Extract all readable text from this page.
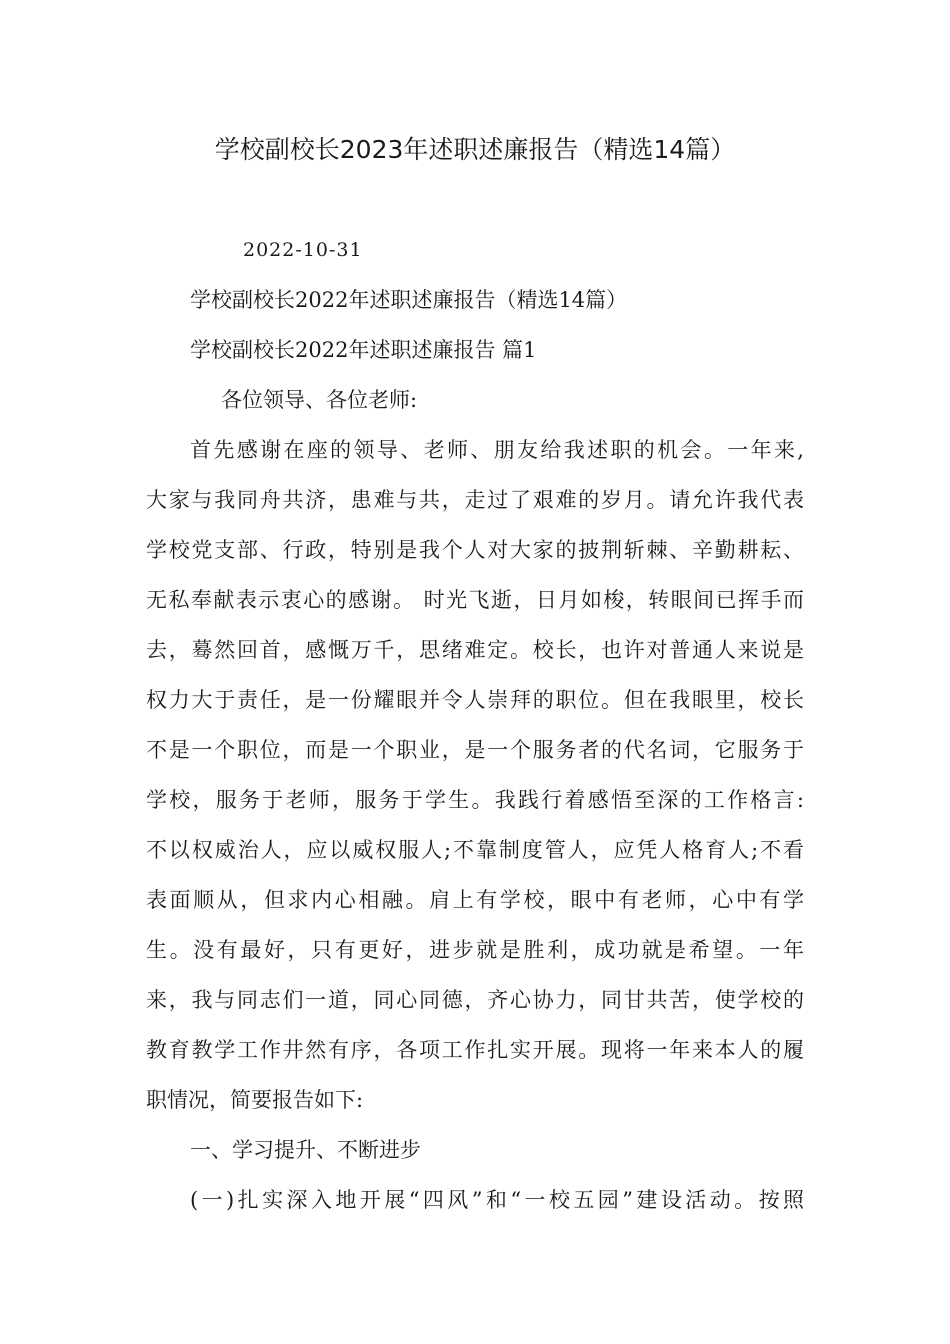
学校副校长2023年述职述廉报告（精选14篇）
2022-10-31
学校副校长2022年述职述廉报告（精选14篇）
学校副校长2022年述职述廉报告 篇1
各位领导、各位老师:
首先感谢在座的领导、老师、朋友给我述职的机会。一年来,
大家与我同舟共济，患难与共，走过了艰难的岁月。请允许我代表
学校党支部、行政，特别是我个人对大家的披荆斩棘、辛勤耕耘、
无私奉献表示衷心的感谢。 时光飞逝，日月如梭，转眼间已挥手而
去，蓦然回首，感慨万千，思绪难定。校长，也许对普通人来说是
权力大于责任，是一份耀眼并令人崇拜的职位。但在我眼里，校长
不是一个职位，而是一个职业，是一个服务者的代名词，它服务于
学校，服务于老师，服务于学生。我践行着感悟至深的工作格言:
不以权威治人，应以威权服人;不靠制度管人，应凭人格育人;不看
表面顺从，但求内心相融。肩上有学校，眼中有老师，心中有学
生。没有最好，只有更好，进步就是胜利，成功就是希望。一年
来，我与同志们一道，同心同德，齐心协力，同甘共苦，使学校的
教育教学工作井然有序，各项工作扎实开展。现将一年来本人的履
职情况，简要报告如下:
一、学习提升、不断进步
(一)扎实深入地开展“四风”和“一校五园”建设活动。按照
